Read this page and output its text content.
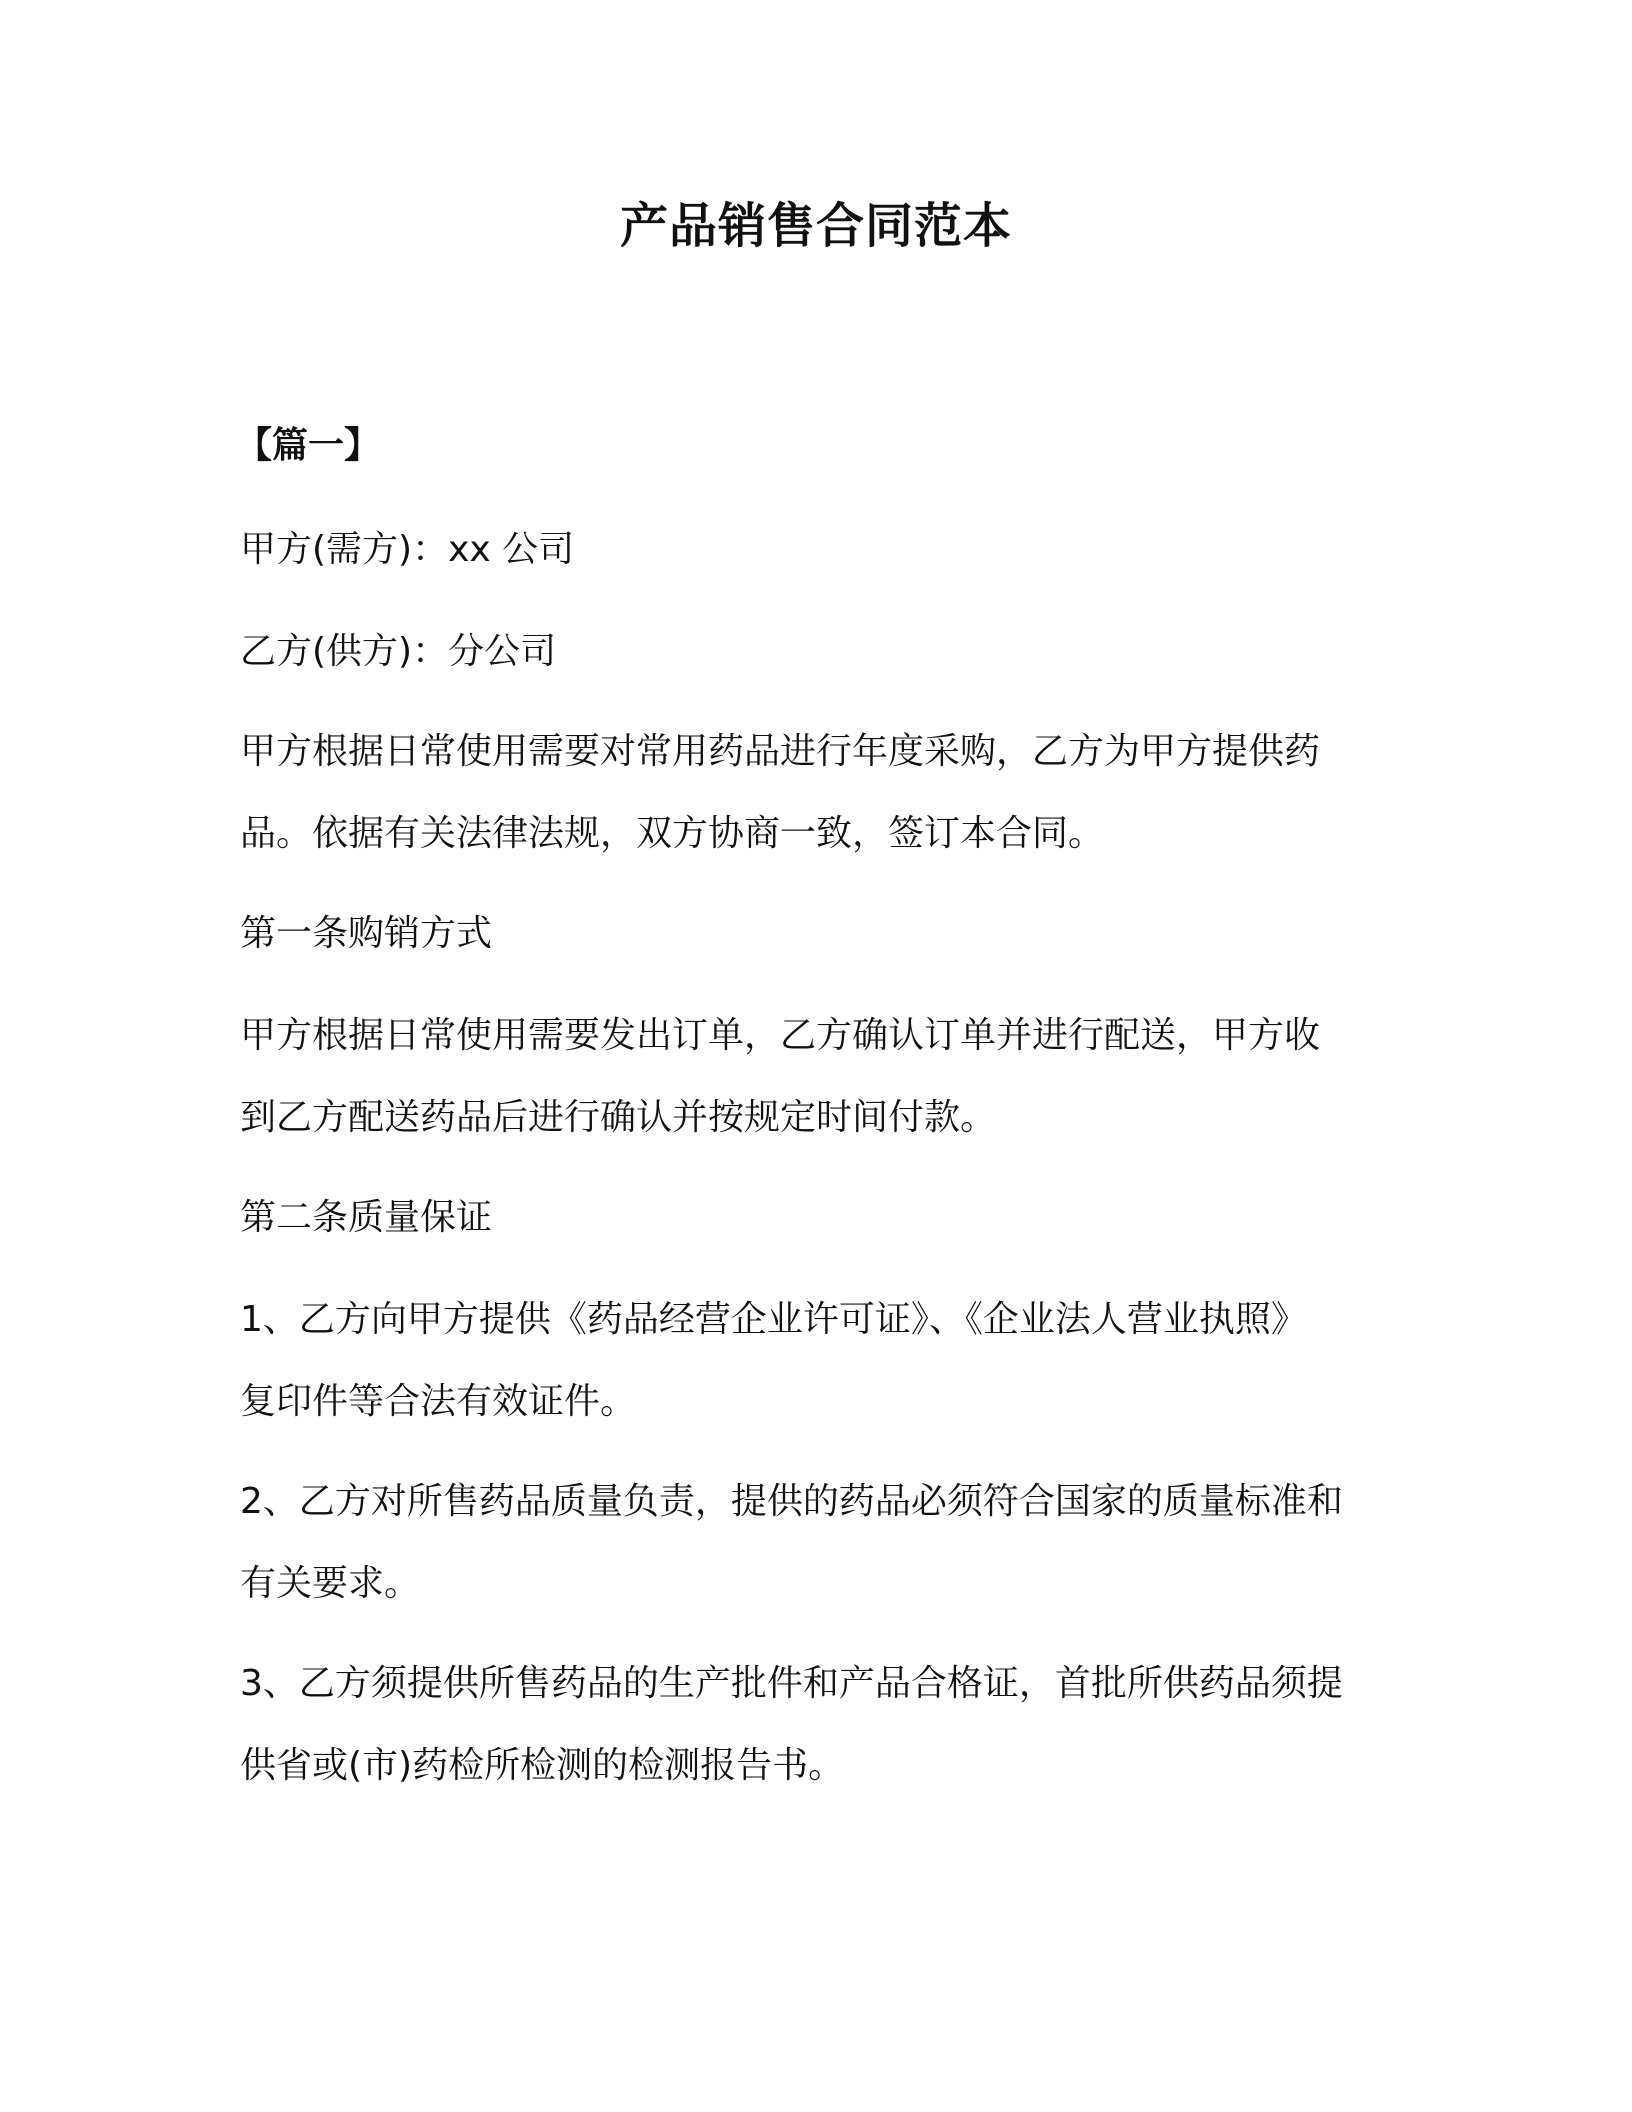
产品销售合同范本
【篇一】
甲方(需方)：xx 公司
乙方(供方)：分公司
甲方根据日常使用需要对常用药品进行年度采购，乙方为甲方提供药
品。依据有关法律法规，双方协商一致，签订本合同。
第一条购销方式
甲方根据日常使用需要发出订单，乙方确认订单并进行配送，甲方收
到乙方配送药品后进行确认并按规定时间付款。
第二条质量保证
1、乙方向甲方提供《药品经营企业许可证》、《企业法人营业执照》
复印件等合法有效证件。
2、乙方对所售药品质量负责，提供的药品必须符合国家的质量标准和
有关要求。
3、乙方须提供所售药品的生产批件和产品合格证，首批所供药品须提
供省或(市)药检所检测的检测报告书。
